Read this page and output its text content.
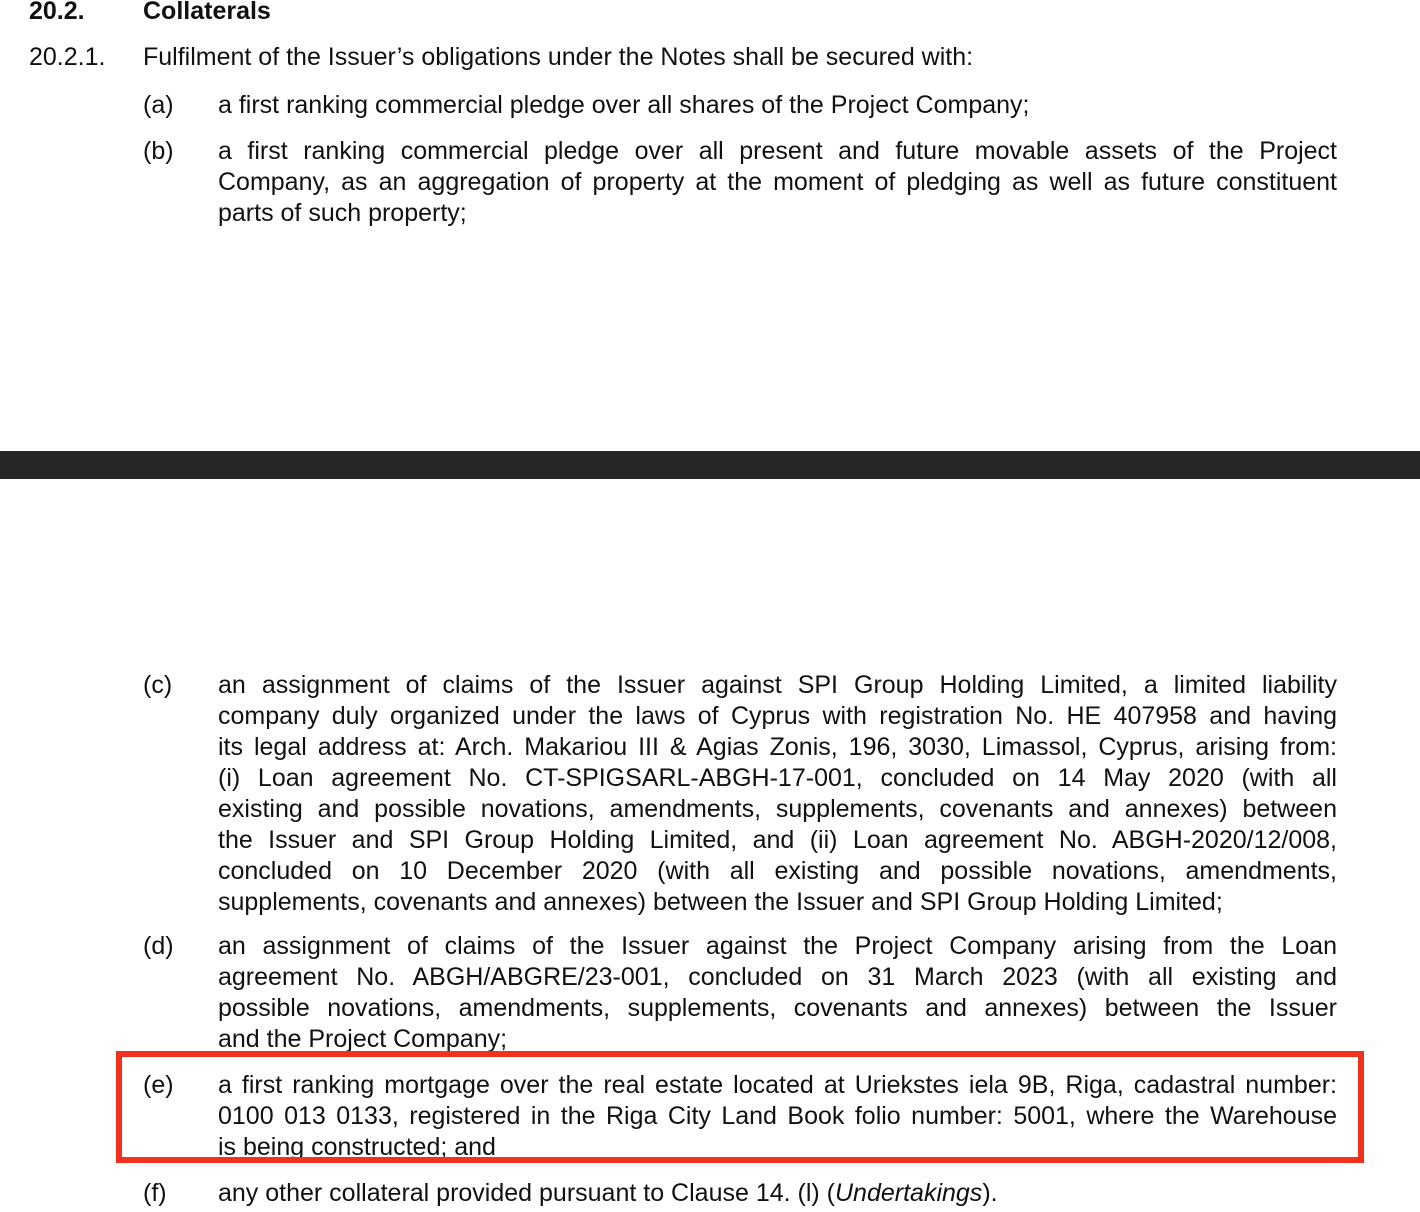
20.2. Collaterals
20.2.1. Fulfilment of the Issuer’s obligations under the Notes shall be secured with:
(a) a first ranking commercial pledge over all shares of the Project Company;
(b) a first ranking commercial pledge over all present and future movable assets of the Project
Company, as an aggregation of property at the moment of pledging as well as future constituent
parts of such property;
(c) an assignment of claims of the Issuer against SPI Group Holding Limited, a limited liability
company duly organized under the laws of Cyprus with registration No. HE 407958 and having
its legal address at: Arch. Makariou III & Agias Zonis, 196, 3030, Limassol, Cyprus, arising from:
(i) Loan agreement No. CT-SPIGSARL-ABGH-17-001, concluded on 14 May 2020 (with all
existing and possible novations, amendments, supplements, covenants and annexes) between
the Issuer and SPI Group Holding Limited, and (ii) Loan agreement No. ABGH-2020/12/008,
concluded on 10 December 2020 (with all existing and possible novations, amendments,
supplements, covenants and annexes) between the Issuer and SPI Group Holding Limited;
(d) an assignment of claims of the Issuer against the Project Company arising from the Loan
agreement No. ABGH/ABGRE/23-001, concluded on 31 March 2023 (with all existing and
possible novations, amendments, supplements, covenants and annexes) between the Issuer
and the Project Company;
(e) a first ranking mortgage over the real estate located at Uriekstes iela 9B, Riga, cadastral number:
0100 013 0133, registered in the Riga City Land Book folio number: 5001, where the Warehouse
is being constructed; and
(f) any other collateral provided pursuant to Clause 14. (l) (Undertakings).
